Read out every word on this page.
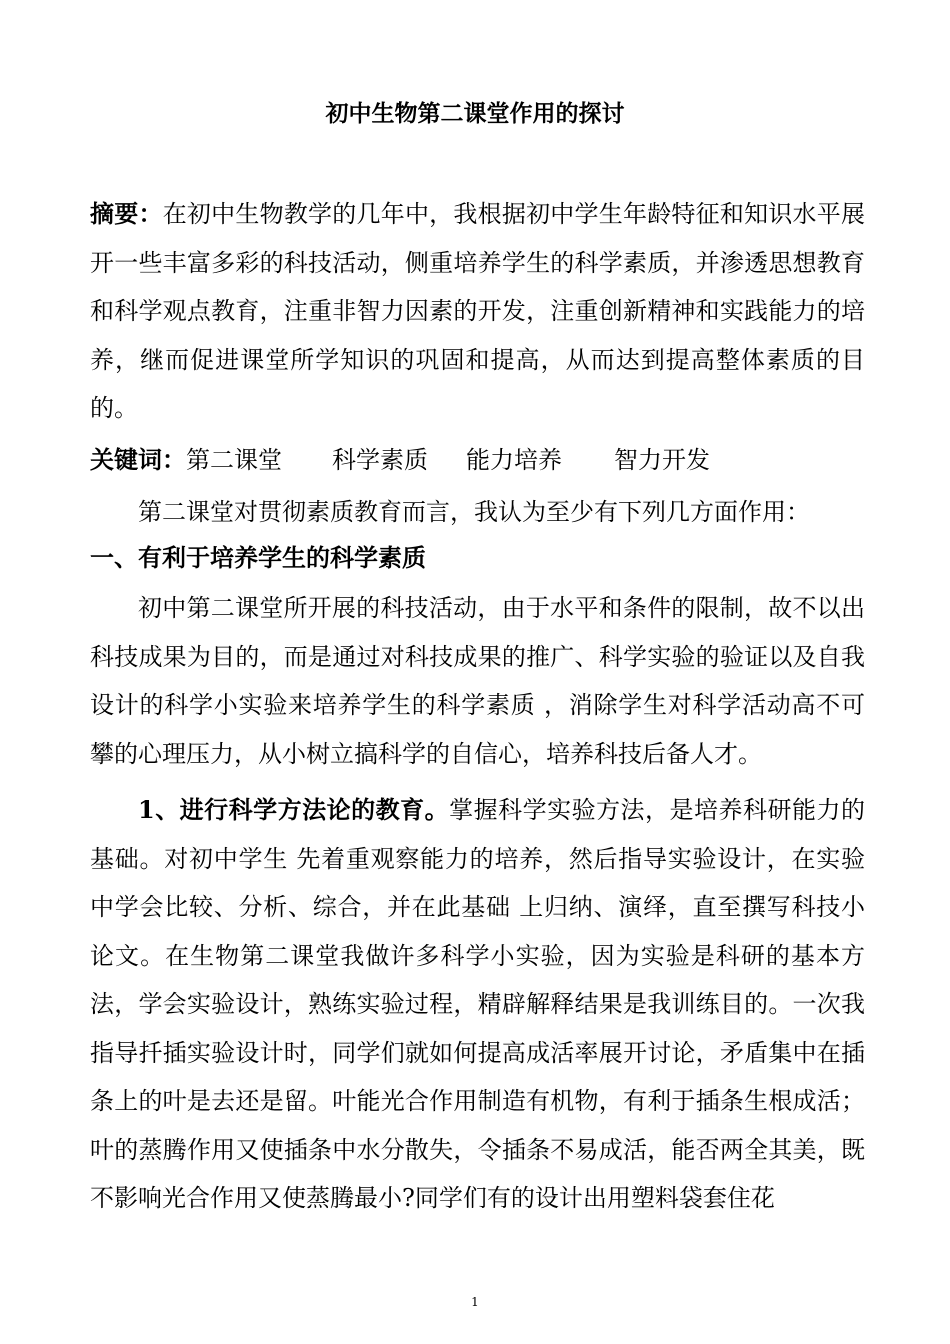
初中生物第二课堂作用的探讨
摘要：在初中生物教学的几年中，我根据初中学生年龄特征和知识水平展开一些丰富多彩的科技活动，侧重培养学生的科学素质，并渗透思想教育和科学观点教育，注重非智力因素的开发，注重创新精神和实践能力的培养，继而促进课堂所学知识的巩固和提高，从而达到提高整体素质的目的。
关键词：第二课堂 科学素质 能力培养 智力开发
第二课堂对贯彻素质教育而言，我认为至少有下列几方面作用：
一、有利于培养学生的科学素质
初中第二课堂所开展的科技活动，由于水平和条件的限制，故不以出科技成果为目的，而是通过对科技成果的推广、科学实验的验证以及自我设计的科学小实验来培养学生的科学素质 ，消除学生对科学活动高不可攀的心理压力，从小树立搞科学的自信心，培养科技后备人才。
1、进行科学方法论的教育。掌握科学实验方法，是培养科研能力的基础。对初中学生 先着重观察能力的培养，然后指导实验设计，在实验中学会比较、分析、综合，并在此基础 上归纳、演绎，直至撰写科技小论文。在生物第二课堂我做许多科学小实验，因为实验是科研的基本方法，学会实验设计，熟练实验过程，精辟解释结果是我训练目的。一次我指导扦插实验设计时，同学们就如何提高成活率展开讨论，矛盾集中在插条上的叶是去还是留。叶能光合作用制造有机物，有利于插条生根成活；叶的蒸腾作用又使插条中水分散失，令插条不易成活，能否两全其美，既不影响光合作用又使蒸腾最小?同学们有的设计出用塑料袋套住花
1
